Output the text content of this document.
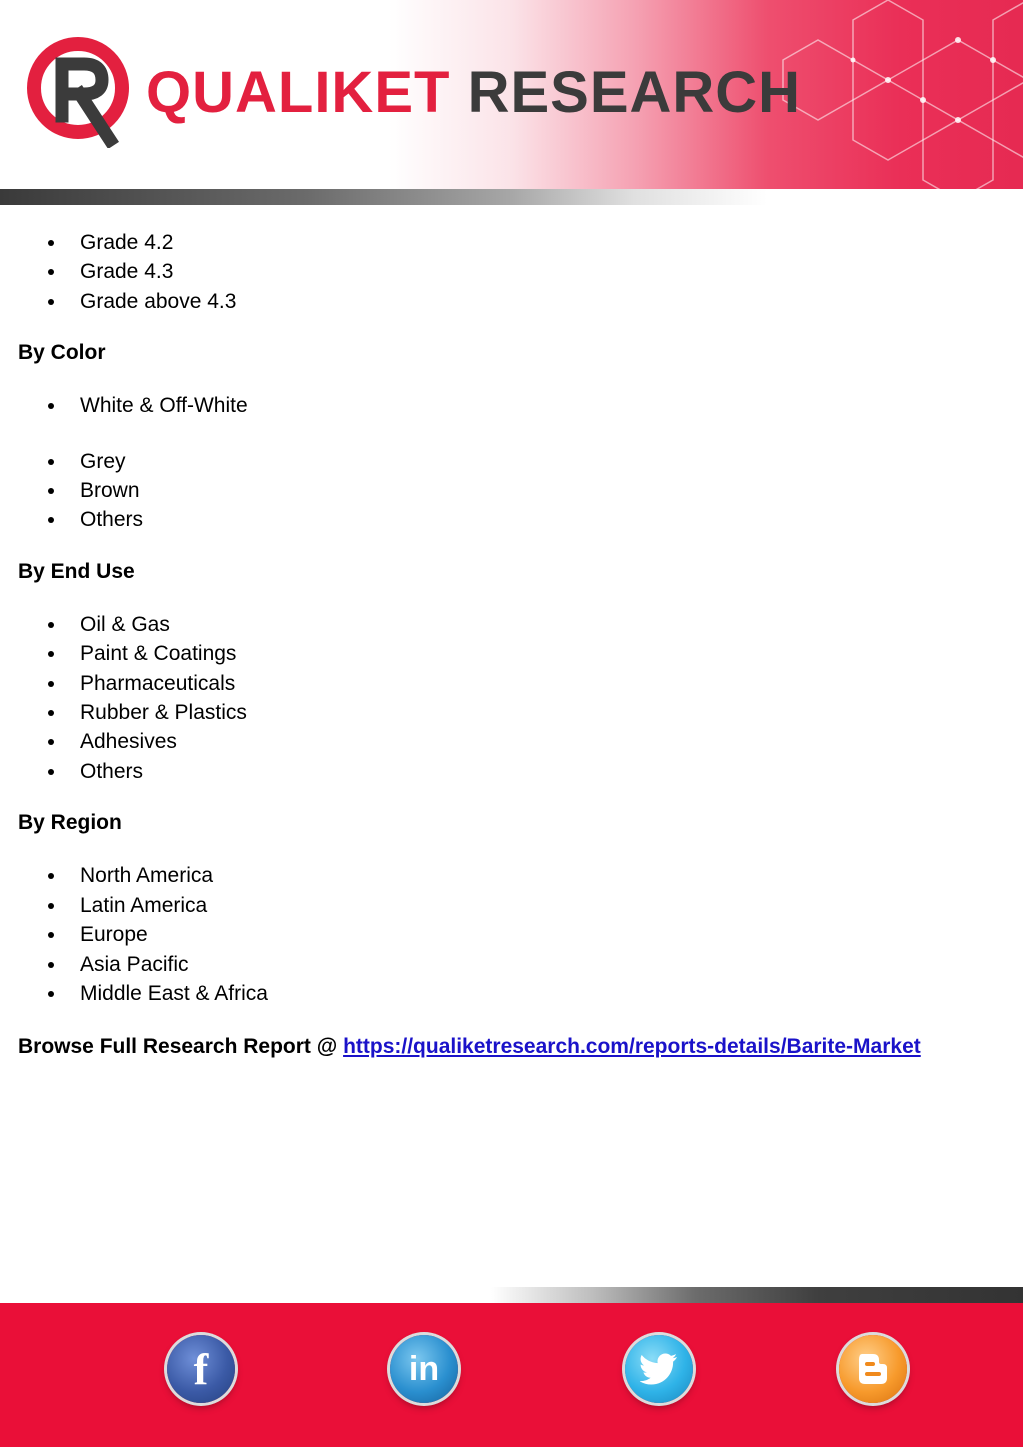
QUALIKET RESEARCH
Grade 4.2
Grade 4.3
Grade above 4.3
By Color
White & Off-White
Grey
Brown
Others
By End Use
Oil & Gas
Paint & Coatings
Pharmaceuticals
Rubber & Plastics
Adhesives
Others
By Region
North America
Latin America
Europe
Asia Pacific
Middle East & Africa
Browse Full Research Report @ https://qualiketresearch.com/reports-details/Barite-Market
f	in
